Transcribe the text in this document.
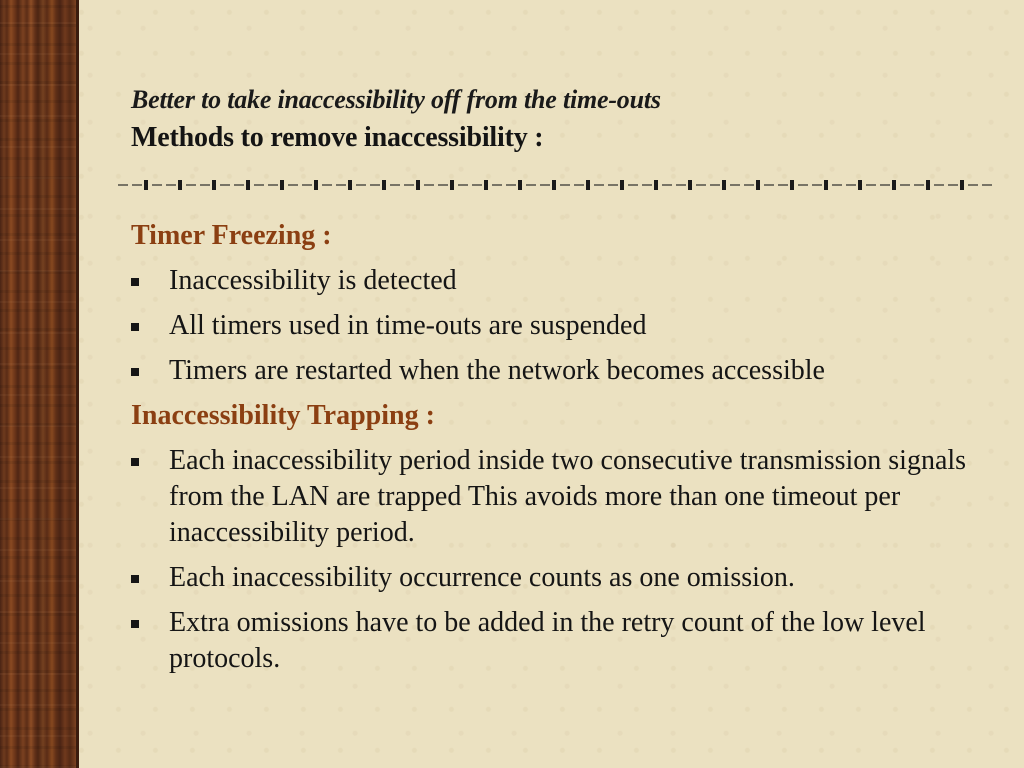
Better to take inaccessibility off from the time-outs
Methods to remove inaccessibility :
Timer Freezing :
Inaccessibility is detected
All timers used in time-outs are suspended
Timers are restarted when the network becomes accessible
Inaccessibility Trapping :
Each inaccessibility period inside two consecutive transmission signals from the LAN are trapped This avoids more than one timeout per inaccessibility period.
Each inaccessibility occurrence counts as one omission.
Extra omissions have to be added in the retry count of the low level protocols.
